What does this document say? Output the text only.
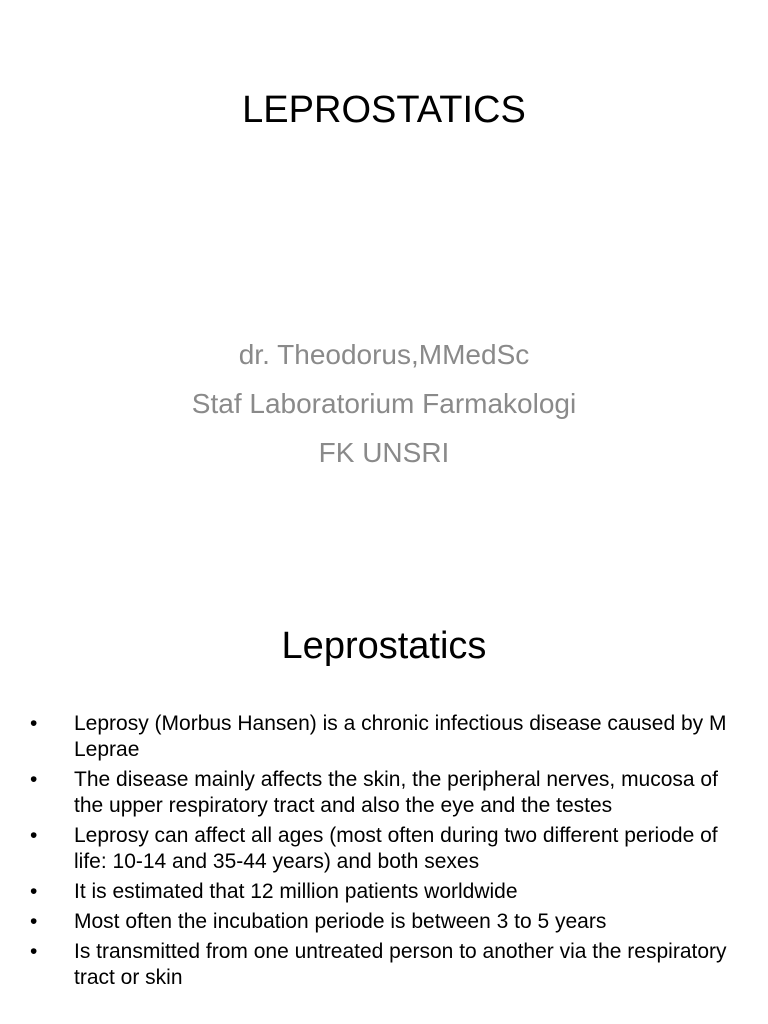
LEPROSTATICS
dr. Theodorus,MMedSc
Staf Laboratorium Farmakologi
FK UNSRI
Leprostatics
•	Leprosy (Morbus Hansen) is a chronic infectious disease caused by M Leprae
•	The disease mainly affects the skin, the peripheral nerves, mucosa of the upper respiratory tract and also the eye and the testes
•	Leprosy can affect all ages (most often during two different periode of life: 10-14 and 35-44 years) and both sexes
•	It is estimated that 12 million patients worldwide
•	Most often the incubation periode is between 3 to 5 years
•	Is transmitted from one untreated person to another via the respiratory tract or skin
